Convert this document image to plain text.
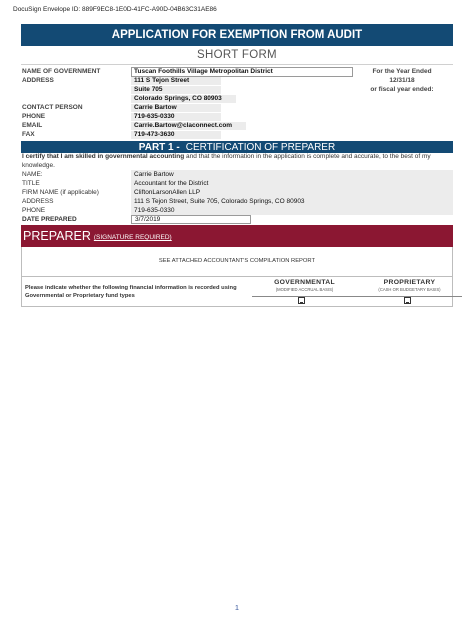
DocuSign Envelope ID: 889F9EC8-1E0D-41FC-A90D-04B63C31AE86
APPLICATION FOR EXEMPTION FROM AUDIT
SHORT FORM
NAME OF GOVERNMENT
ADDRESS
CONTACT PERSON
PHONE
EMAIL
FAX
Tuscan Foothills Village Metropolitan District
111 S Tejon Street
Suite 705
Colorado Springs, CO 80903
Carrie Bartow
719-635-0330
Carrie.Bartow@claconnect.com
719-473-3630
For the Year Ended
12/31/18
or fiscal year ended:
PART 1 - CERTIFICATION OF PREPARER
I certify that I am skilled in governmental accounting and that the information in the application is complete and accurate, to the best of my knowledge.
NAME:
TITLE
FIRM NAME (if applicable)
ADDRESS
PHONE
DATE PREPARED
Carrie Bartow
Accountant for the District
CliftonLarsonAllen LLP
111 S Tejon Street, Suite 705, Colorado Springs, CO 80903
719-635-0330
3/7/2019
PREPARER (SIGNATURE REQUIRED)
SEE ATTACHED ACCOUNTANT'S COMPILATION REPORT
Please indicate whether the following financial information is recorded using Governmental or Proprietary fund types
GOVERNMENTAL
(MODIFIED ACCRUAL BASIS)
PROPRIETARY
(CASH OR BUDGETARY BASIS)
1
